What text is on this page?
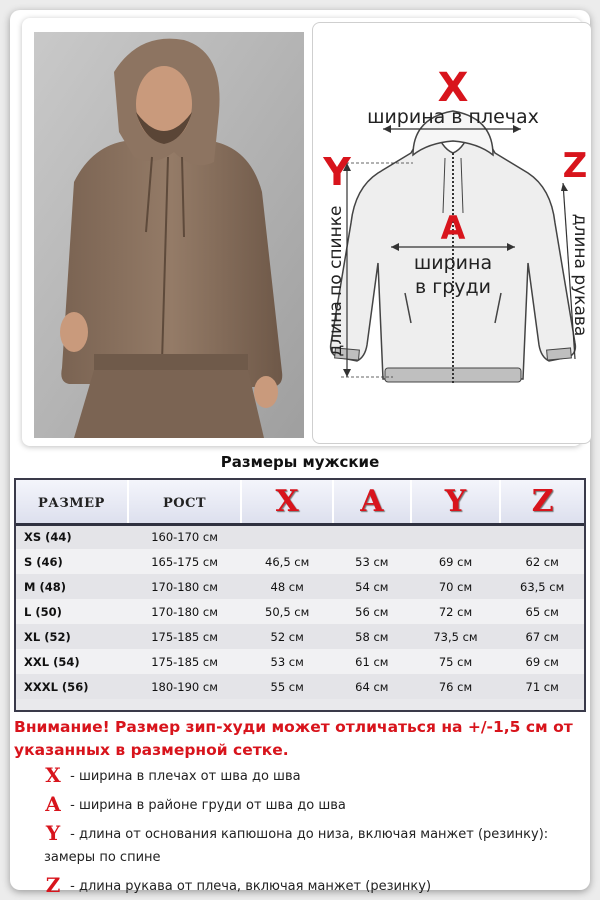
X
ширина в плечах
Y
длина по спинке
Z
длина рукава
A
ширина
в груди
Размеры мужские
РАЗМЕР	РОСТ	X	A	Y	Z
XS (44)	160-170 см				
S (46)	165-175 см	46,5 см	53 см	69 см	62 см
M (48)	170-180 см	48 см	54 см	70 см	63,5 см
L (50)	170-180 см	50,5 см	56 см	72 см	65 см
XL (52)	175-185 см	52 см	58 см	73,5 см	67 см
XXL (54)	175-185 см	53 см	61 см	75 см	69 см
XXXL (56)	180-190 см	55 см	64 см	76 см	71 см
Внимание! Размер зип-худи может отличаться на +/-1,5 см от указанных в размерной сетке.
X - ширина в плечах от шва до шва
A - ширина в районе груди от шва до шва
Y - длина от основания капюшона до низа, включая манжет (резинку): замеры по спине
Z - длина рукава от плеча, включая манжет (резинку)
